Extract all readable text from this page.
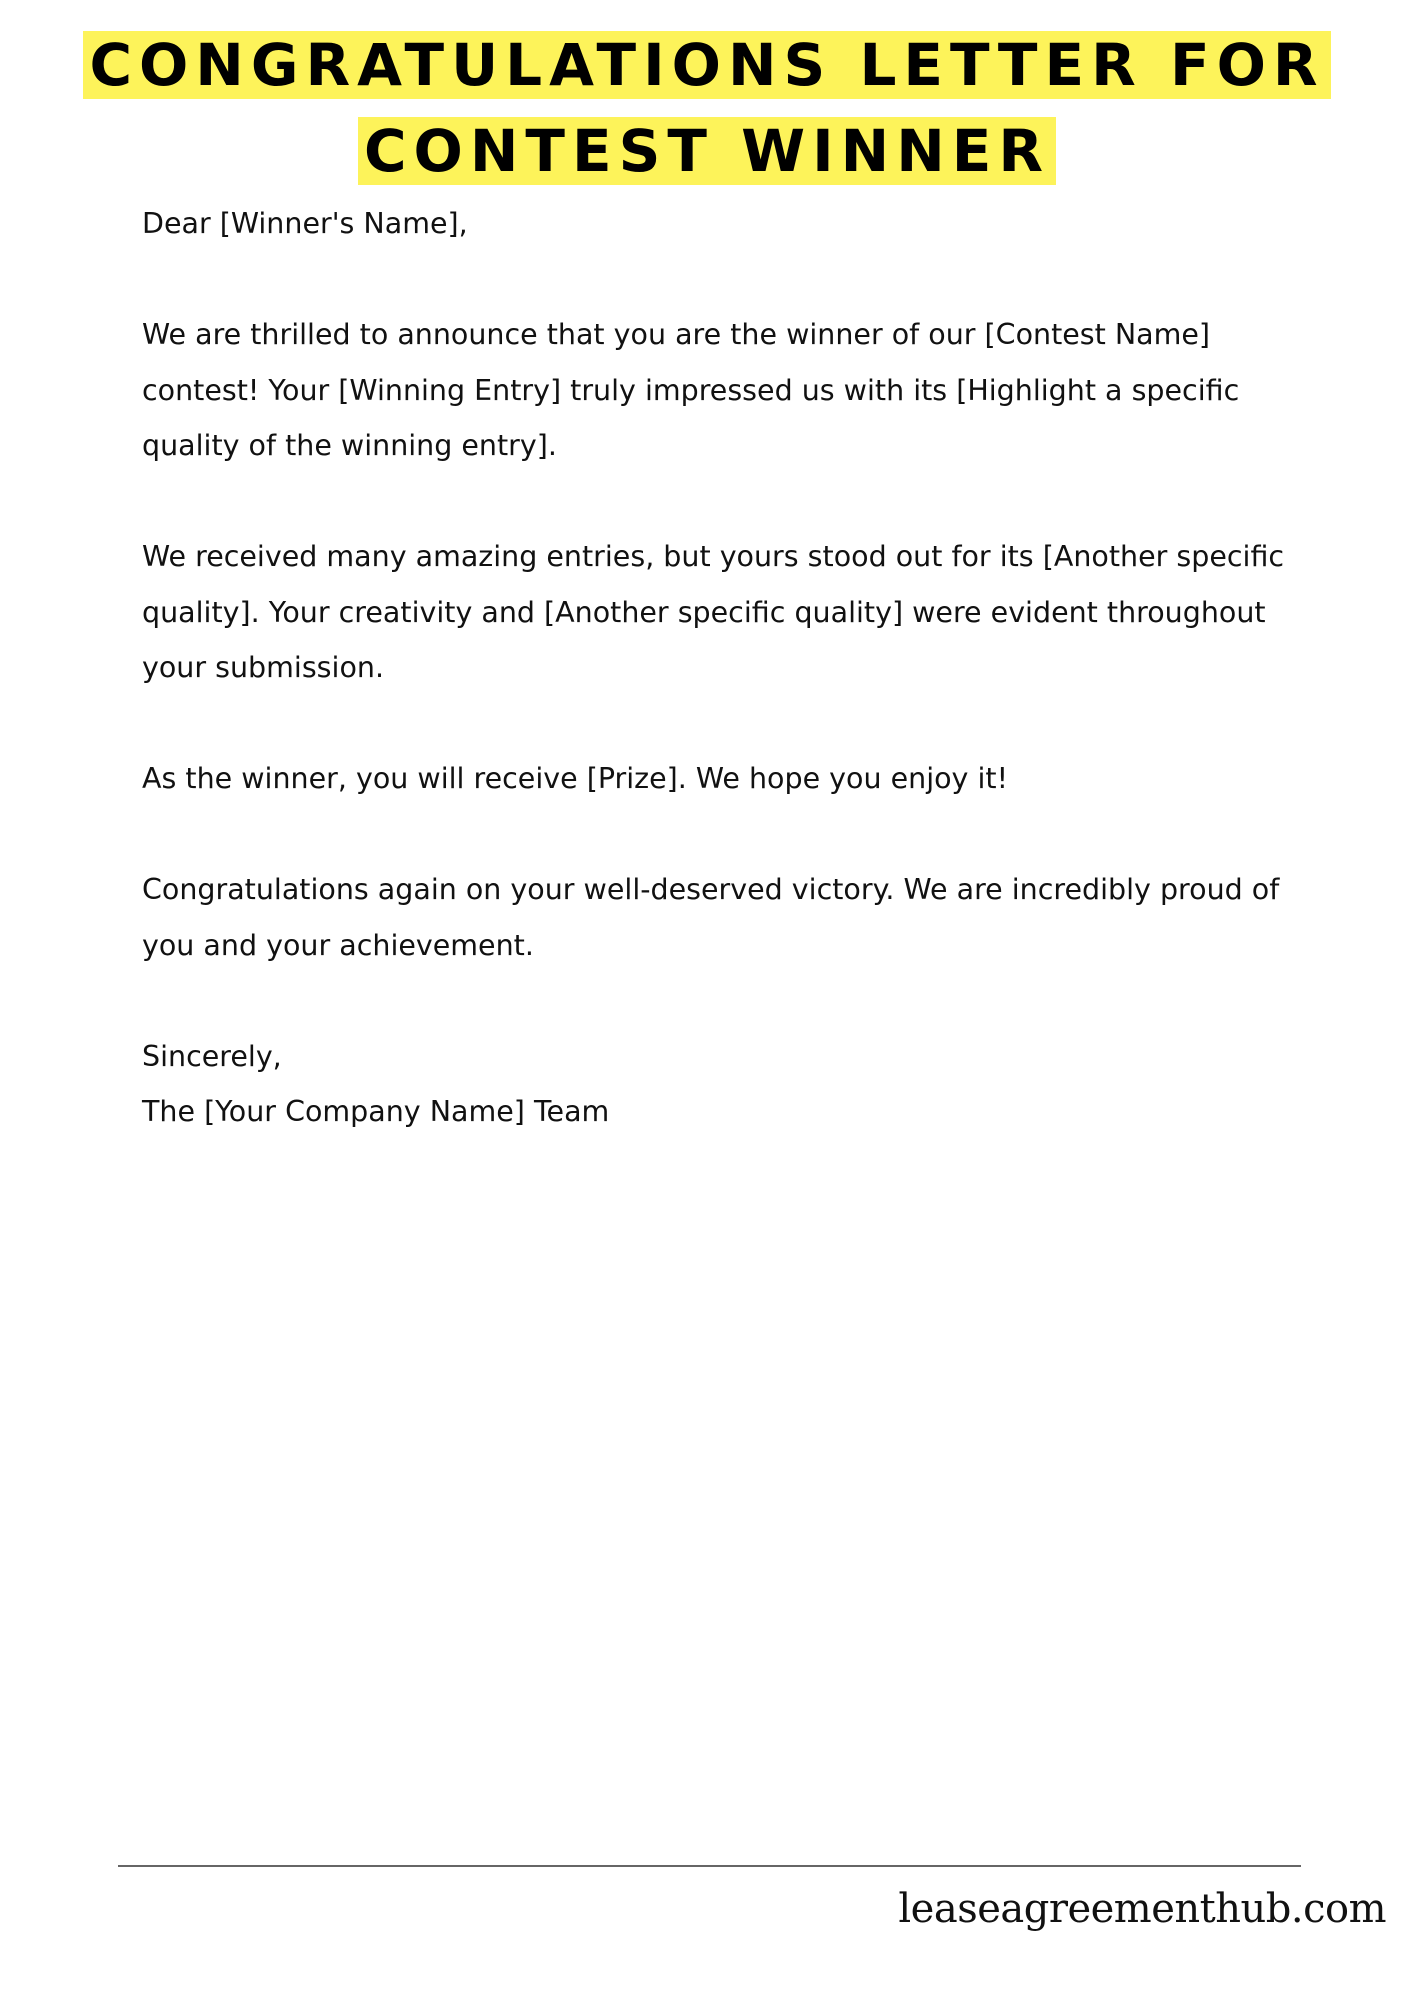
CONGRATULATIONS LETTER FOR CONTEST WINNER

Dear [Winner's Name],

We are thrilled to announce that you are the winner of our [Contest Name] contest! Your [Winning Entry] truly impressed us with its [Highlight a specific quality of the winning entry].

We received many amazing entries, but yours stood out for its [Another specific quality]. Your creativity and [Another specific quality] were evident throughout your submission.

As the winner, you will receive [Prize]. We hope you enjoy it!

Congratulations again on your well-deserved victory. We are incredibly proud of you and your achievement.

Sincerely,

The [Your Company Name] Team

leaseagreementhub.com
